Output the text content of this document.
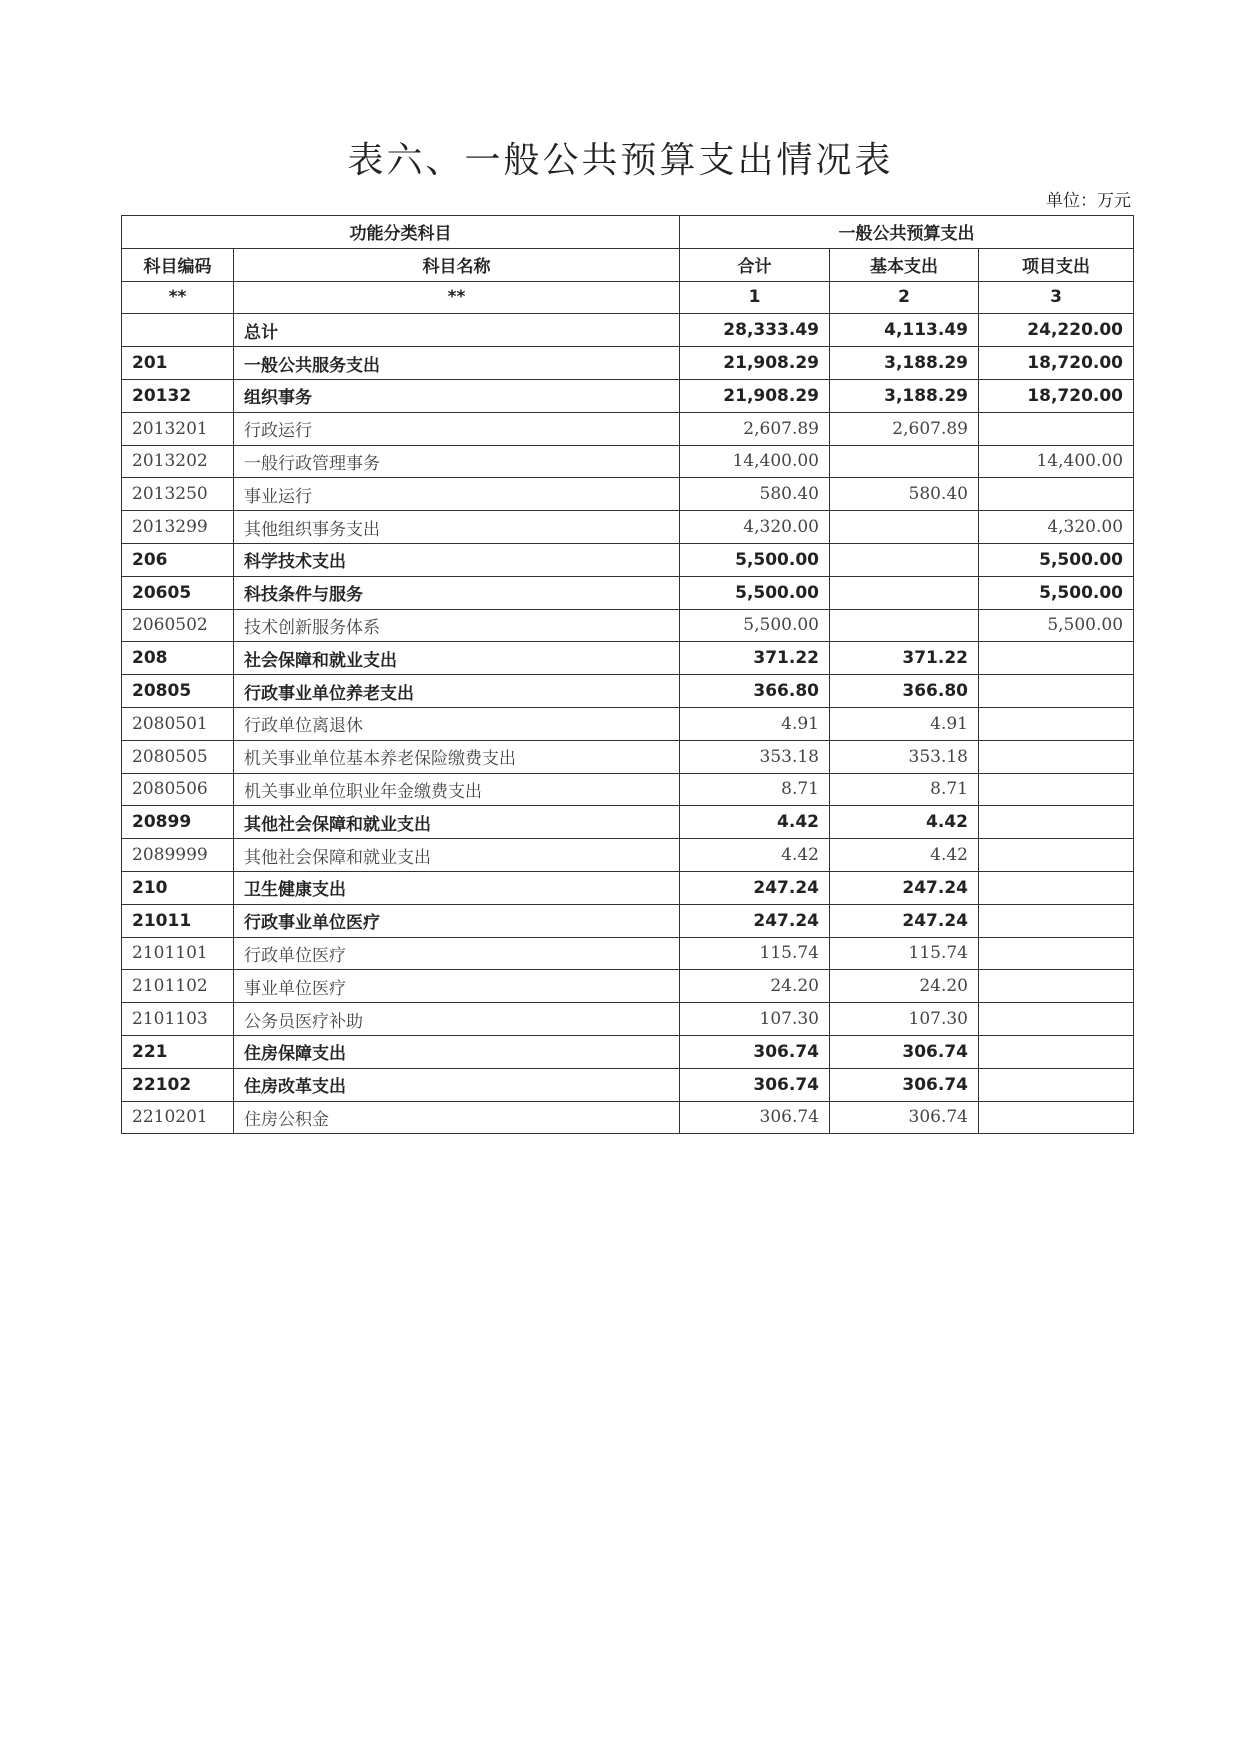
表六、一般公共预算支出情况表
单位：万元
功能分类科目		一般公共预算支出		
科目编码	科目名称	合计	基本支出	项目支出
**	**	1	2	3
	总计	28,333.49	4,113.49	24,220.00
201	一般公共服务支出	21,908.29	3,188.29	18,720.00
20132	组织事务	21,908.29	3,188.29	18,720.00
2013201	行政运行	2,607.89	2,607.89	
2013202	一般行政管理事务	14,400.00		14,400.00
2013250	事业运行	580.40	580.40	
2013299	其他组织事务支出	4,320.00		4,320.00
206	科学技术支出	5,500.00		5,500.00
20605	科技条件与服务	5,500.00		5,500.00
2060502	技术创新服务体系	5,500.00		5,500.00
208	社会保障和就业支出	371.22	371.22	
20805	行政事业单位养老支出	366.80	366.80	
2080501	行政单位离退休	4.91	4.91	
2080505	机关事业单位基本养老保险缴费支出	353.18	353.18	
2080506	机关事业单位职业年金缴费支出	8.71	8.71	
20899	其他社会保障和就业支出	4.42	4.42	
2089999	其他社会保障和就业支出	4.42	4.42	
210	卫生健康支出	247.24	247.24	
21011	行政事业单位医疗	247.24	247.24	
2101101	行政单位医疗	115.74	115.74	
2101102	事业单位医疗	24.20	24.20	
2101103	公务员医疗补助	107.30	107.30	
221	住房保障支出	306.74	306.74	
22102	住房改革支出	306.74	306.74	
2210201	住房公积金	306.74	306.74	
